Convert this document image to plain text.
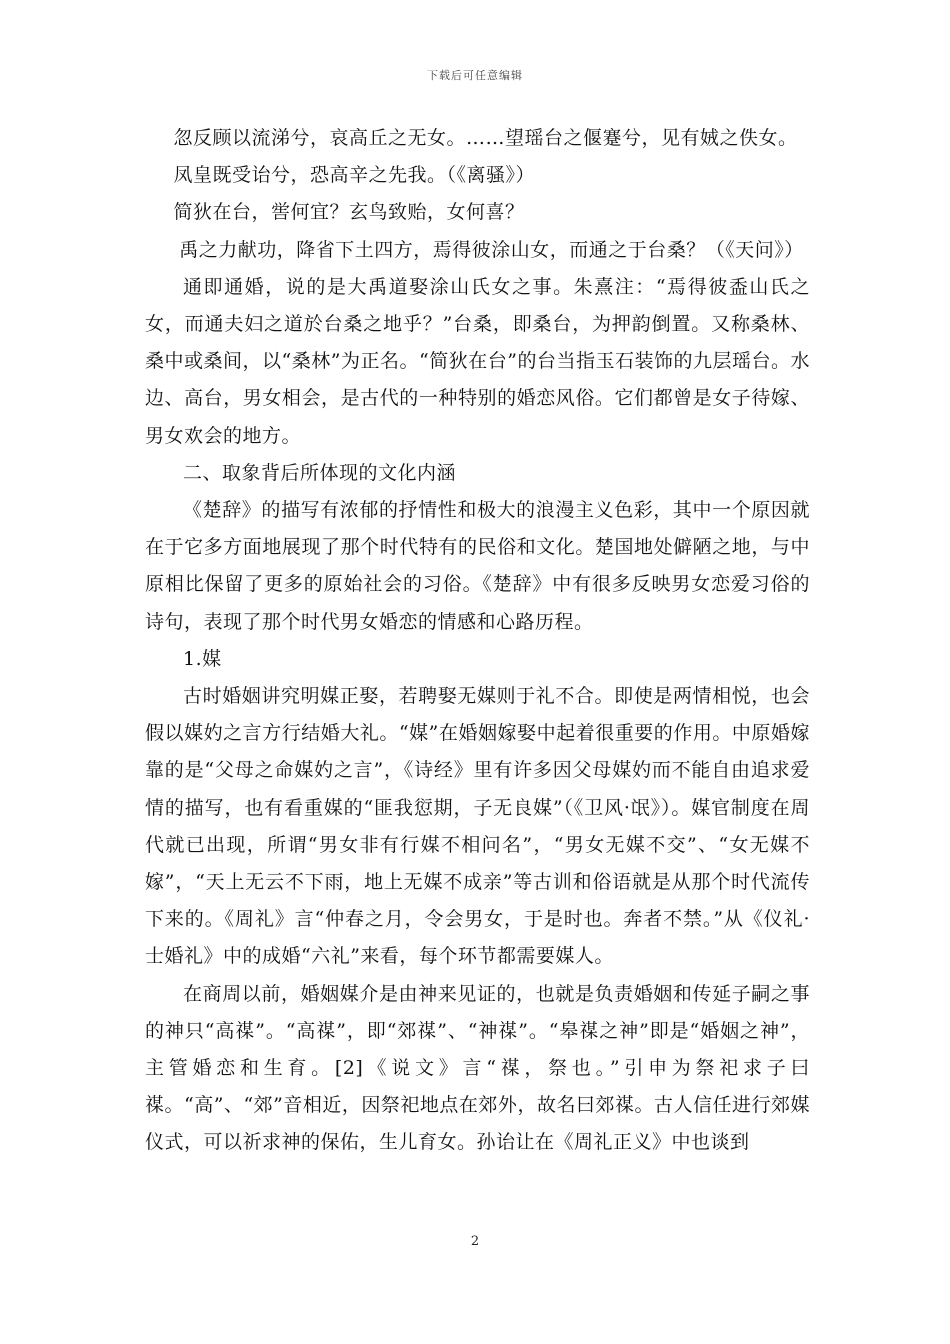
下载后可任意编辑

忽反顾以流涕兮，哀高丘之无女。……望瑶台之偃蹇兮，见有娀之佚女。

凤皇既受诒兮，恐高辛之先我。（《离骚》）

简狄在台，喾何宜？玄鸟致贻，女何喜？

禹之力献功，降省下土四方，焉得彼涂山女，而通之于台桑？（《天问》）

通即通婚，说的是大禹道娶涂山氏女之事。朱熹注：“焉得彼盉山氏之女，而通夫妇之道於台桑之地乎？”台桑，即桑台，为押韵倒置。又称桑林、桑中或桑间，以“桑林”为正名。“简狄在台”的台当指玉石装饰的九层瑶台。水边、高台，男女相会，是古代的一种特别的婚恋风俗。它们都曾是女子待嫁、男女欢会的地方。

二、取象背后所体现的文化内涵

《楚辞》的描写有浓郁的抒情性和极大的浪漫主义色彩，其中一个原因就在于它多方面地展现了那个时代特有的民俗和文化。楚国地处僻陋之地，与中原相比保留了更多的原始社会的习俗。《楚辞》中有很多反映男女恋爱习俗的诗句，表现了那个时代男女婚恋的情感和心路历程。

1.媒

古时婚姻讲究明媒正娶，若聘娶无媒则于礼不合。即使是两情相悦，也会假以媒妁之言方行结婚大礼。“媒”在婚姻嫁娶中起着很重要的作用。中原婚嫁靠的是“父母之命媒妁之言”，《诗经》里有许多因父母媒妁而不能自由追求爱情的描写，也有看重媒的“匪我愆期，子无良媒”（《卫风·氓》）。媒官制度在周代就已出现，所谓“男女非有行媒不相问名”，“男女无媒不交”、“女无媒不嫁”，“天上无云不下雨，地上无媒不成亲”等古训和俗语就是从那个时代流传下来的。《周礼》言“仲春之月，令会男女，于是时也。奔者不禁。”从《仪礼·士婚礼》中的成婚“六礼”来看，每个环节都需要媒人。

在商周以前，婚姻媒介是由神来见证的，也就是负责婚姻和传延子嗣之事的神只“高禖”。“高禖”，即“郊禖”、“神禖”。“皋禖之神”即是“婚姻之神”，主管婚恋和生育。[2]《说文》言“禖，祭也。”引申为祭祀求子曰禖。“高”、“郊”音相近，因祭祀地点在郊外，故名曰郊禖。古人信任进行郊媒仪式，可以祈求神的保佑，生儿育女。孙诒让在《周礼正义》中也谈到

2
